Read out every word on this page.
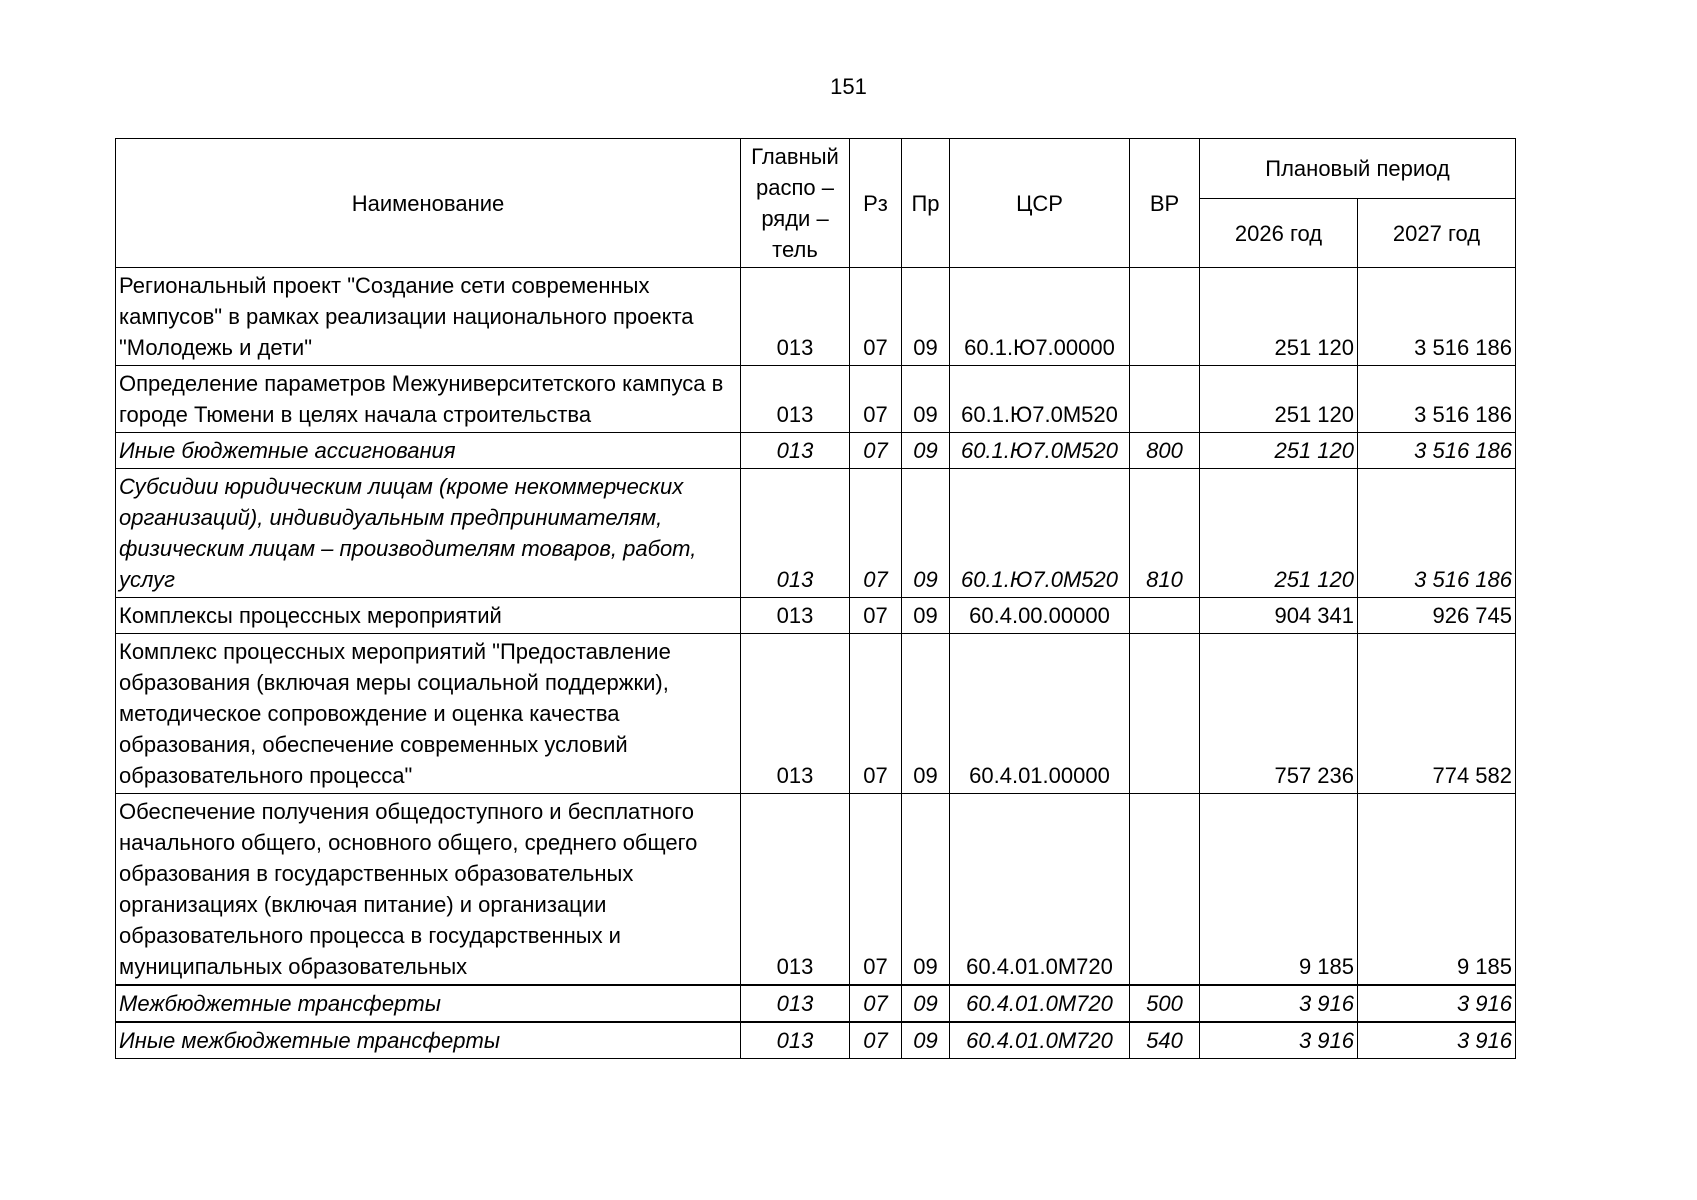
151
Наименование	Главный распо – ряди – тель	Рз	Пр	ЦСР	ВР	Плановый период	
						2026 год	2027 год
Региональный проект "Создание сети современных кампусов" в рамках реализации национального проекта "Молодежь и дети"	013	07	09	60.1.Ю7.00000		251 120	3 516 186
Определение параметров Межуниверситетского кампуса в городе Тюмени в целях начала строительства	013	07	09	60.1.Ю7.0М520		251 120	3 516 186
Иные бюджетные ассигнования	013	07	09	60.1.Ю7.0М520	800	251 120	3 516 186
Субсидии юридическим лицам (кроме некоммерческих организаций), индивидуальным предпринимателям, физическим лицам – производителям товаров, работ, услуг	013	07	09	60.1.Ю7.0М520	810	251 120	3 516 186
Комплексы процессных мероприятий	013	07	09	60.4.00.00000		904 341	926 745
Комплекс процессных мероприятий "Предоставление образования (включая меры социальной поддержки), методическое сопровождение и оценка качества образования, обеспечение современных условий образовательного процесса"	013	07	09	60.4.01.00000		757 236	774 582
Обеспечение получения общедоступного и бесплатного начального общего, основного общего, среднего общего образования в государственных образовательных организациях (включая питание) и организации образовательного процесса в государственных и муниципальных образовательных	013	07	09	60.4.01.0М720		9 185	9 185
Межбюджетные трансферты	013	07	09	60.4.01.0М720	500	3 916	3 916
Иные межбюджетные трансферты	013	07	09	60.4.01.0М720	540	3 916	3 916
